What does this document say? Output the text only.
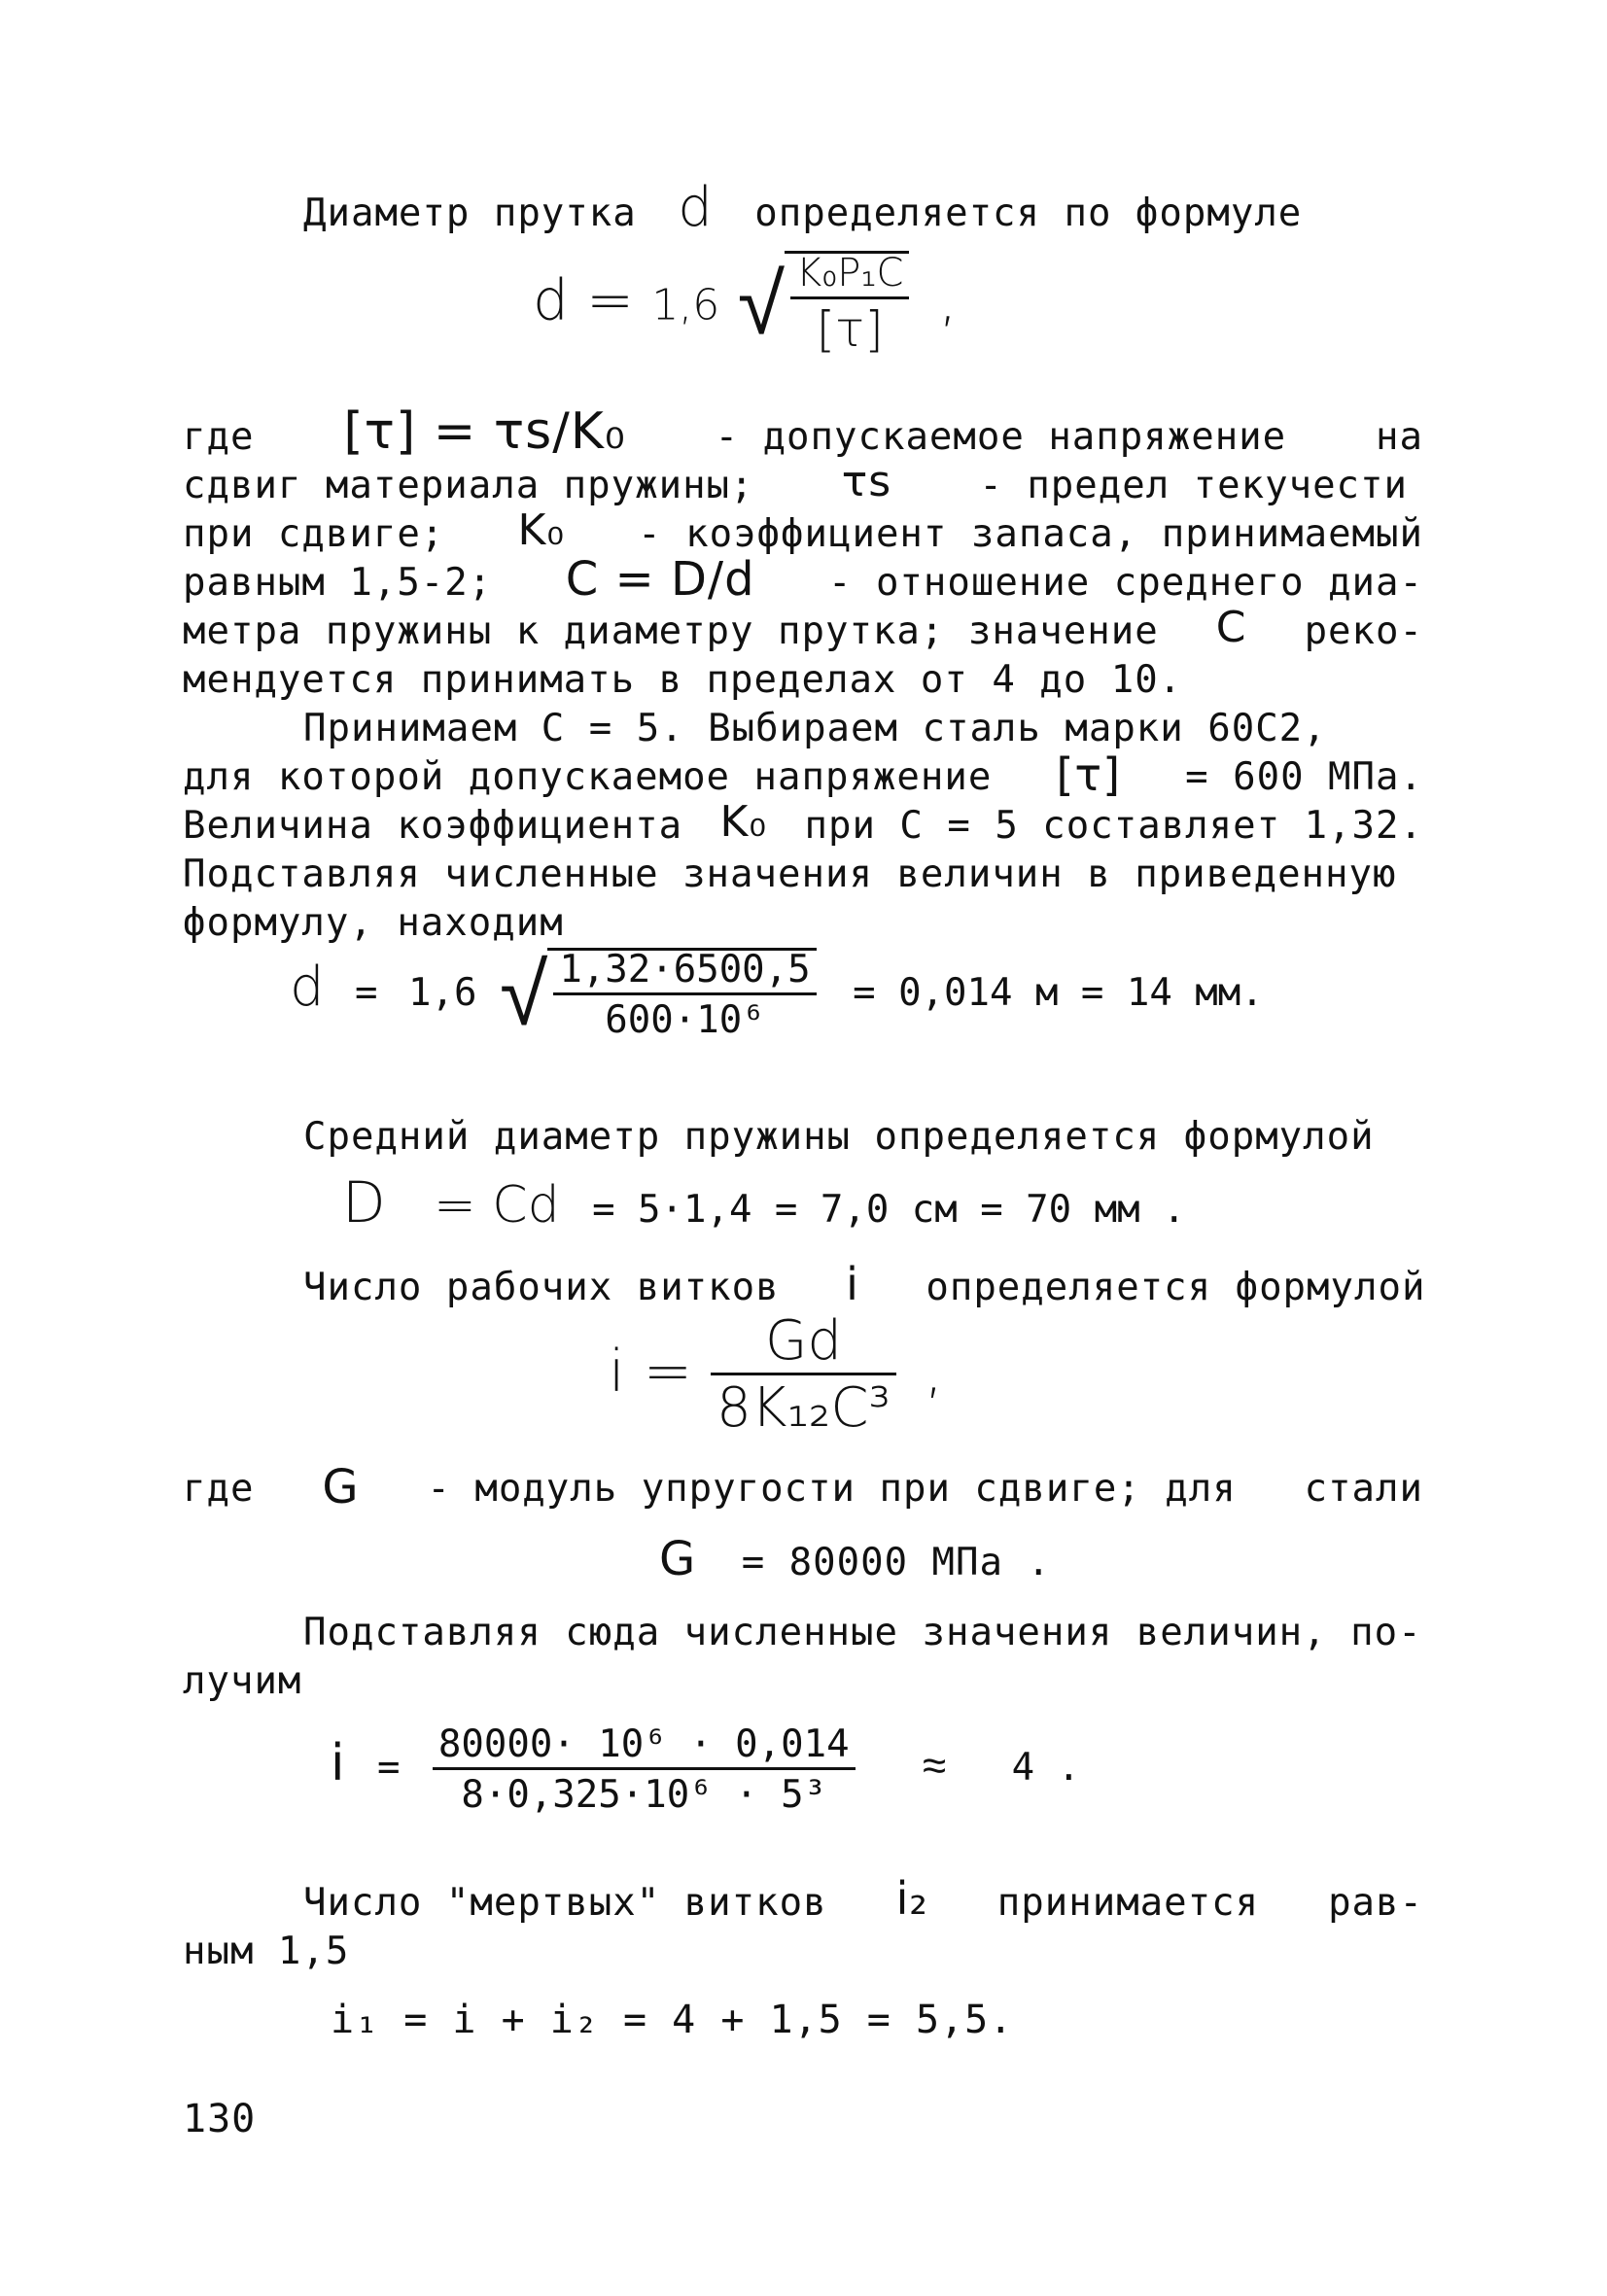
Диаметр прутка d определяется по формуле
d = 1,6 √ $\frac{\text{K₀P₁C}}{[\tau]}$ ,
где [τ] = τs/K₀ - допускаемое напряжение на
сдвиг материала пружины; τs - предел текучести
при сдвиге; K₀ - коэффициент запаса, принимаемый
равным 1,5-2; C = D/d - отношение среднего диа-
метра пружины к диаметру прутка; значение C реко-
мендуется принимать в пределах от 4 до 10.
Принимаем С = 5. Выбираем сталь марки 60С2,
для которой допускаемое напряжение [τ] = 600 МПа.
Величина коэффициента K₀ при С = 5 составляет 1,32.
Подставляя численные значения величин в приведенную
формулу, находим
d = 1,6 √ $\frac{1,32\cdot 6500,5}{\text{600·10⁶}} = 0,014$ м = 14 мм.
Средний диаметр пружины определяется формулой
D = Cd = 5·1,4 = 7,0 см = 70 мм .
Число рабочих витков i определяется формулой
$i = \frac{Gd}{\text{8K₁₂C³}}$ ,
где G - модуль упругости при сдвиге; для стали
G = 80000 МПа .
Подставляя сюда численные значения величин, по-
лучим
$i = \frac{\text{80000· 10⁶ · 0,014}}{\text{8·0,325·10⁶ · 5³}} \approx 4$ .
Число "мертвых" витков i₂ принимается рав-
ным 1,5
i₁ = i + i₂ = 4 + 1,5 = 5,5.
130
